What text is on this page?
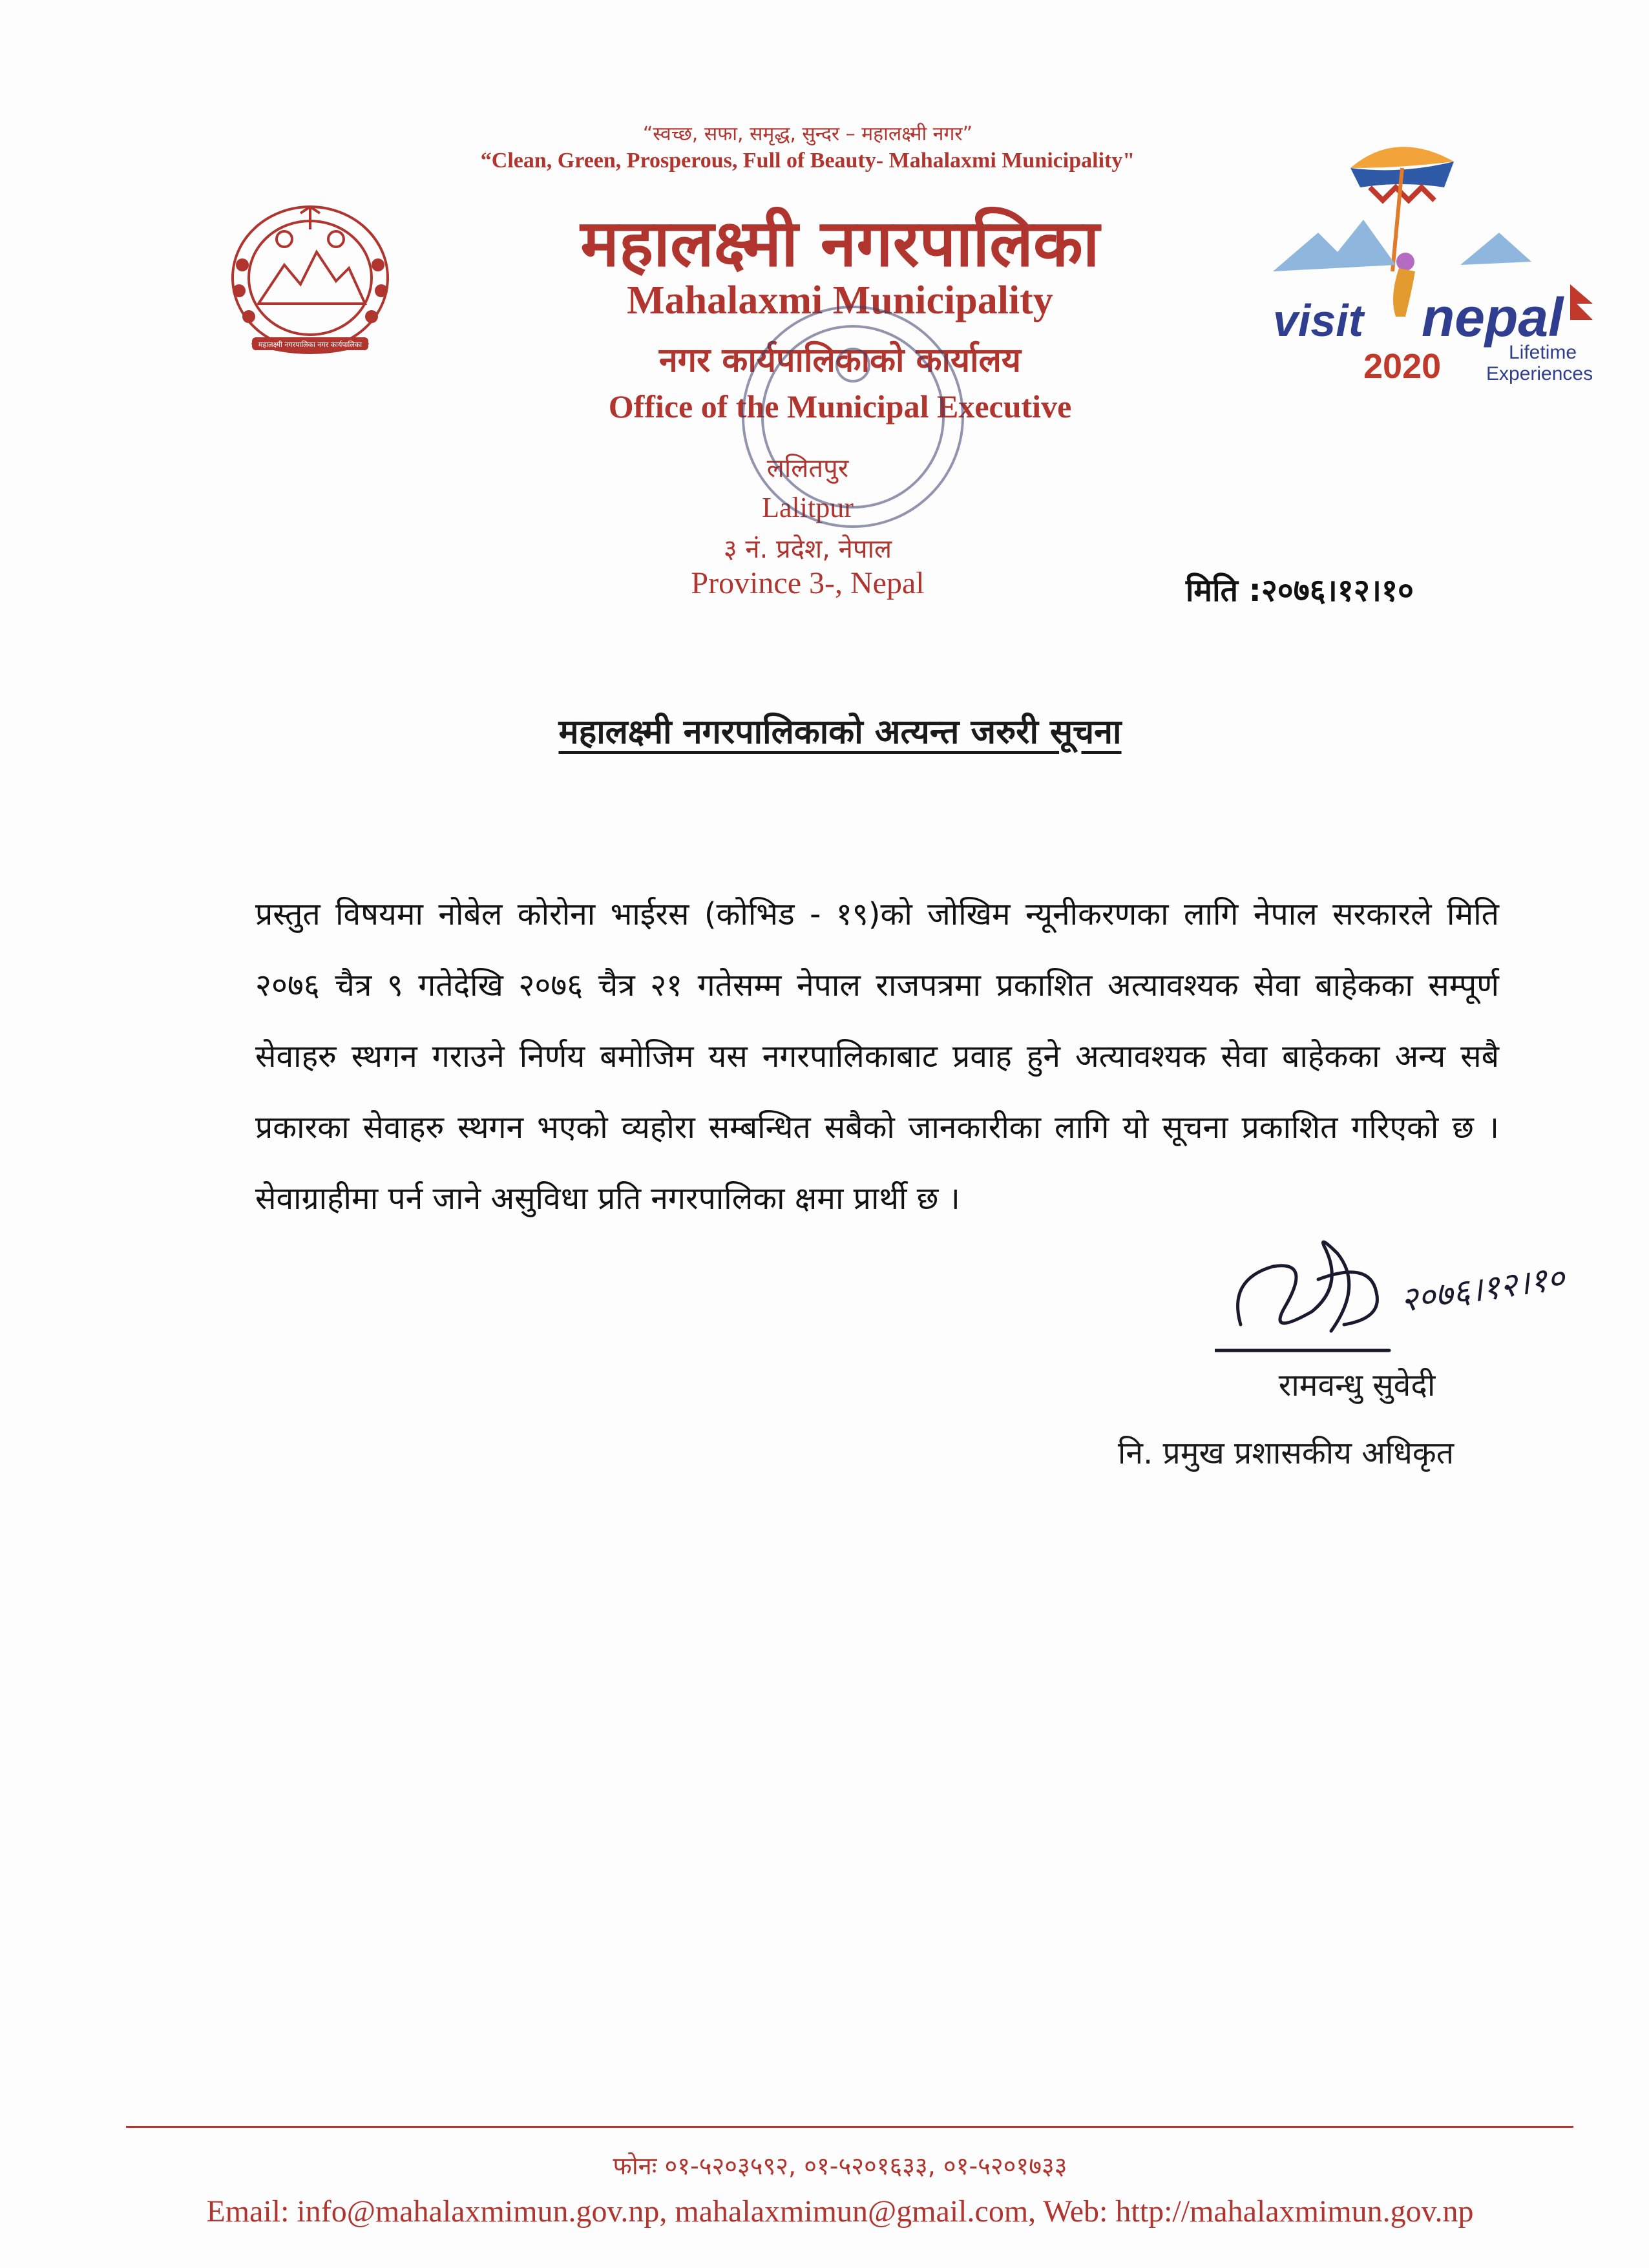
महालक्ष्मी नगरपालिका नगर कार्यपालिका
“स्वच्छ, सफा, समृद्ध, सुन्दर – महालक्ष्मी नगर”
“Clean, Green, Prosperous, Full of Beauty- Mahalaxmi Municipality"
महालक्ष्मी नगरपालिका
Mahalaxmi Municipality
नगर कार्यपालिकाको कार्यालय
Office of the Municipal Executive
ललितपुर
Lalitpur
३ नं. प्रदेश, नेपाल
Province 3-, Nepal
visit nepal
2020	Lifetime
Experiences
मिति :२०७६।१२।१०
महालक्ष्मी नगरपालिकाको अत्यन्त जरुरी सूचना
प्रस्तुत विषयमा नोबेल कोरोना भाईरस (कोभिड - १९)को जोखिम न्यूनीकरणका लागि नेपाल सरकारले मिति २०७६ चैत्र ९ गतेदेखि २०७६ चैत्र २१ गतेसम्म नेपाल राजपत्रमा प्रकाशित अत्यावश्यक सेवा बाहेकका सम्पूर्ण सेवाहरु स्थगन गराउने निर्णय बमोजिम यस नगरपालिकाबाट प्रवाह हुने अत्यावश्यक सेवा बाहेकका अन्य सबै प्रकारका सेवाहरु स्थगन भएको व्यहोरा सम्बन्धित सबैको जानकारीका लागि यो सूचना प्रकाशित गरिएको छ । सेवाग्राहीमा पर्न जाने असुविधा प्रति नगरपालिका क्षमा प्रार्थी छ ।
२०७६।१२।१०
रामवन्धु सुवेदी
नि. प्रमुख प्रशासकीय अधिकृत
फोनः ०१-५२०३५९२, ०१-५२०१६३३, ०१-५२०१७३३
Email: info@mahalaxmimun.gov.np, mahalaxmimun@gmail.com, Web: http://mahalaxmimun.gov.np
